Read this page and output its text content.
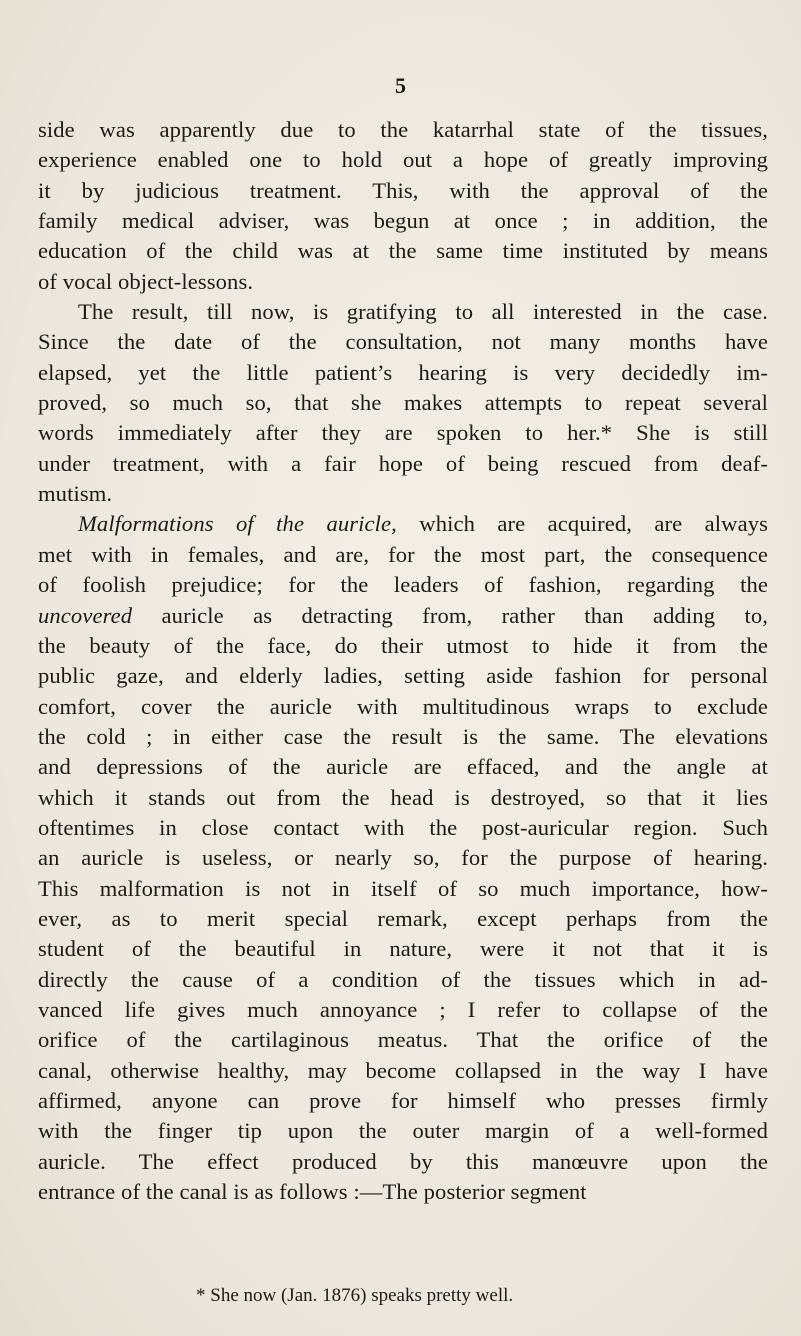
5
side was apparently due to the katarrhal state of the tissues,
experience enabled one to hold out a hope of greatly improving
it by judicious treatment. This, with the approval of the
family medical adviser, was begun at once ; in addition, the
education of the child was at the same time instituted by means
of vocal object-lessons.
The result, till now, is gratifying to all interested in the case.
Since the date of the consultation, not many months have
elapsed, yet the little patient’s hearing is very decidedly im-
proved, so much so, that she makes attempts to repeat several
words immediately after they are spoken to her.* She is still
under treatment, with a fair hope of being rescued from deaf-
mutism.
Malformations of the auricle, which are acquired, are always
met with in females, and are, for the most part, the consequence
of foolish prejudice; for the leaders of fashion, regarding the
uncovered auricle as detracting from, rather than adding to,
the beauty of the face, do their utmost to hide it from the
public gaze, and elderly ladies, setting aside fashion for personal
comfort, cover the auricle with multitudinous wraps to exclude
the cold ; in either case the result is the same. The elevations
and depressions of the auricle are effaced, and the angle at
which it stands out from the head is destroyed, so that it lies
oftentimes in close contact with the post-auricular region. Such
an auricle is useless, or nearly so, for the purpose of hearing.
This malformation is not in itself of so much importance, how-
ever, as to merit special remark, except perhaps from the
student of the beautiful in nature, were it not that it is
directly the cause of a condition of the tissues which in ad-
vanced life gives much annoyance ; I refer to collapse of the
orifice of the cartilaginous meatus. That the orifice of the
canal, otherwise healthy, may become collapsed in the way I have
affirmed, anyone can prove for himself who presses firmly
with the finger tip upon the outer margin of a well-formed
auricle. The effect produced by this manœuvre upon the
entrance of the canal is as follows :—The posterior segment
* She now (Jan. 1876) speaks pretty well.
